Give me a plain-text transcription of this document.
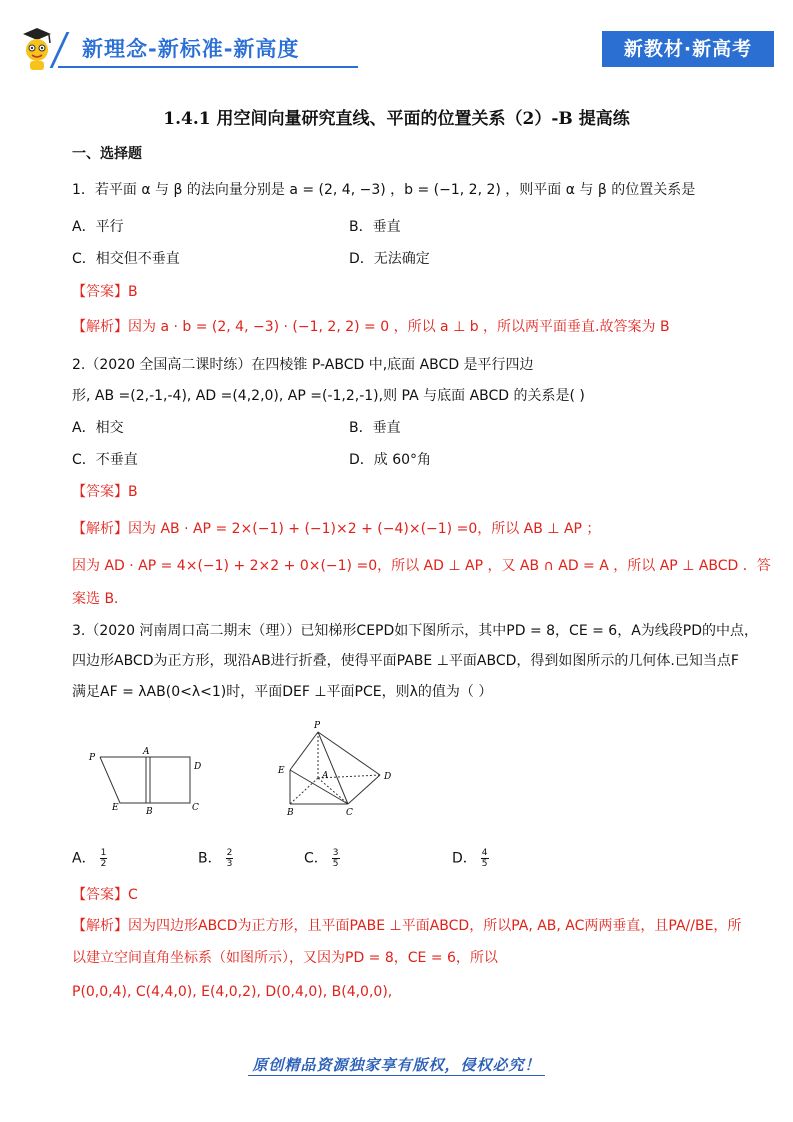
新理念-新标准-新高度	新教材·新高考
1.4.1 用空间向量研究直线、平面的位置关系（2）-B 提高练
一、选择题
1．若平面 α 与 β 的法向量分别是 a = (2, 4, −3) ，b = (−1, 2, 2) ，则平面 α 与 β 的位置关系是
A．平行	B．垂直
C．相交但不垂直	D．无法确定
【答案】B
【解析】因为 a · b = (2, 4, −3) · (−1, 2, 2) = 0 ，所以 a ⊥ b ，所以两平面垂直.故答案为 B
2.（2020 全国高二课时练）在四棱锥 P-ABCD 中,底面 ABCD 是平行四边
形, AB =(2,-1,-4), AD =(4,2,0), AP =(-1,2,-1),则 PA 与底面 ABCD 的关系是( )
A．相交	B．垂直
C．不垂直	D．成 60°角
【答案】B
【解析】因为 AB · AP = 2×(−1) + (−1)×2 + (−4)×(−1) =0，所以 AB ⊥ AP ；
因为 AD · AP = 4×(−1) + 2×2 + 0×(−1) =0，所以 AD ⊥ AP ，又 AB ∩ AD = A ，所以 AP ⊥ ABCD ．答
案选 B．
3.（2020 河南周口高二期末（理））已知梯形CEPD如下图所示，其中PD = 8，CE = 6，A为线段PD的中点，
四边形ABCD为正方形，现沿AB进行折叠，使得平面PABE ⊥平面ABCD，得到如图所示的几何体.已知当点F
满足AF = λAB(0<λ<1)时，平面DEF ⊥平面PCE，则λ的值为（ ）
P
A
D
E	B	C
P
E	A	D
B	C
A． $\frac{1}{2}$	B． $\frac{2}{3}$	C． $\frac{3}{5}$	D． $\frac{4}{5}$
【答案】C
【解析】因为四边形ABCD为正方形，且平面PABE ⊥平面ABCD，所以PA, AB, AC两两垂直，且PA//BE，所
以建立空间直角坐标系（如图所示），又因为PD = 8，CE = 6，所以
P(0,0,4), C(4,4,0), E(4,0,2), D(0,4,0), B(4,0,0),
原创精品资源独家享有版权，侵权必究！
